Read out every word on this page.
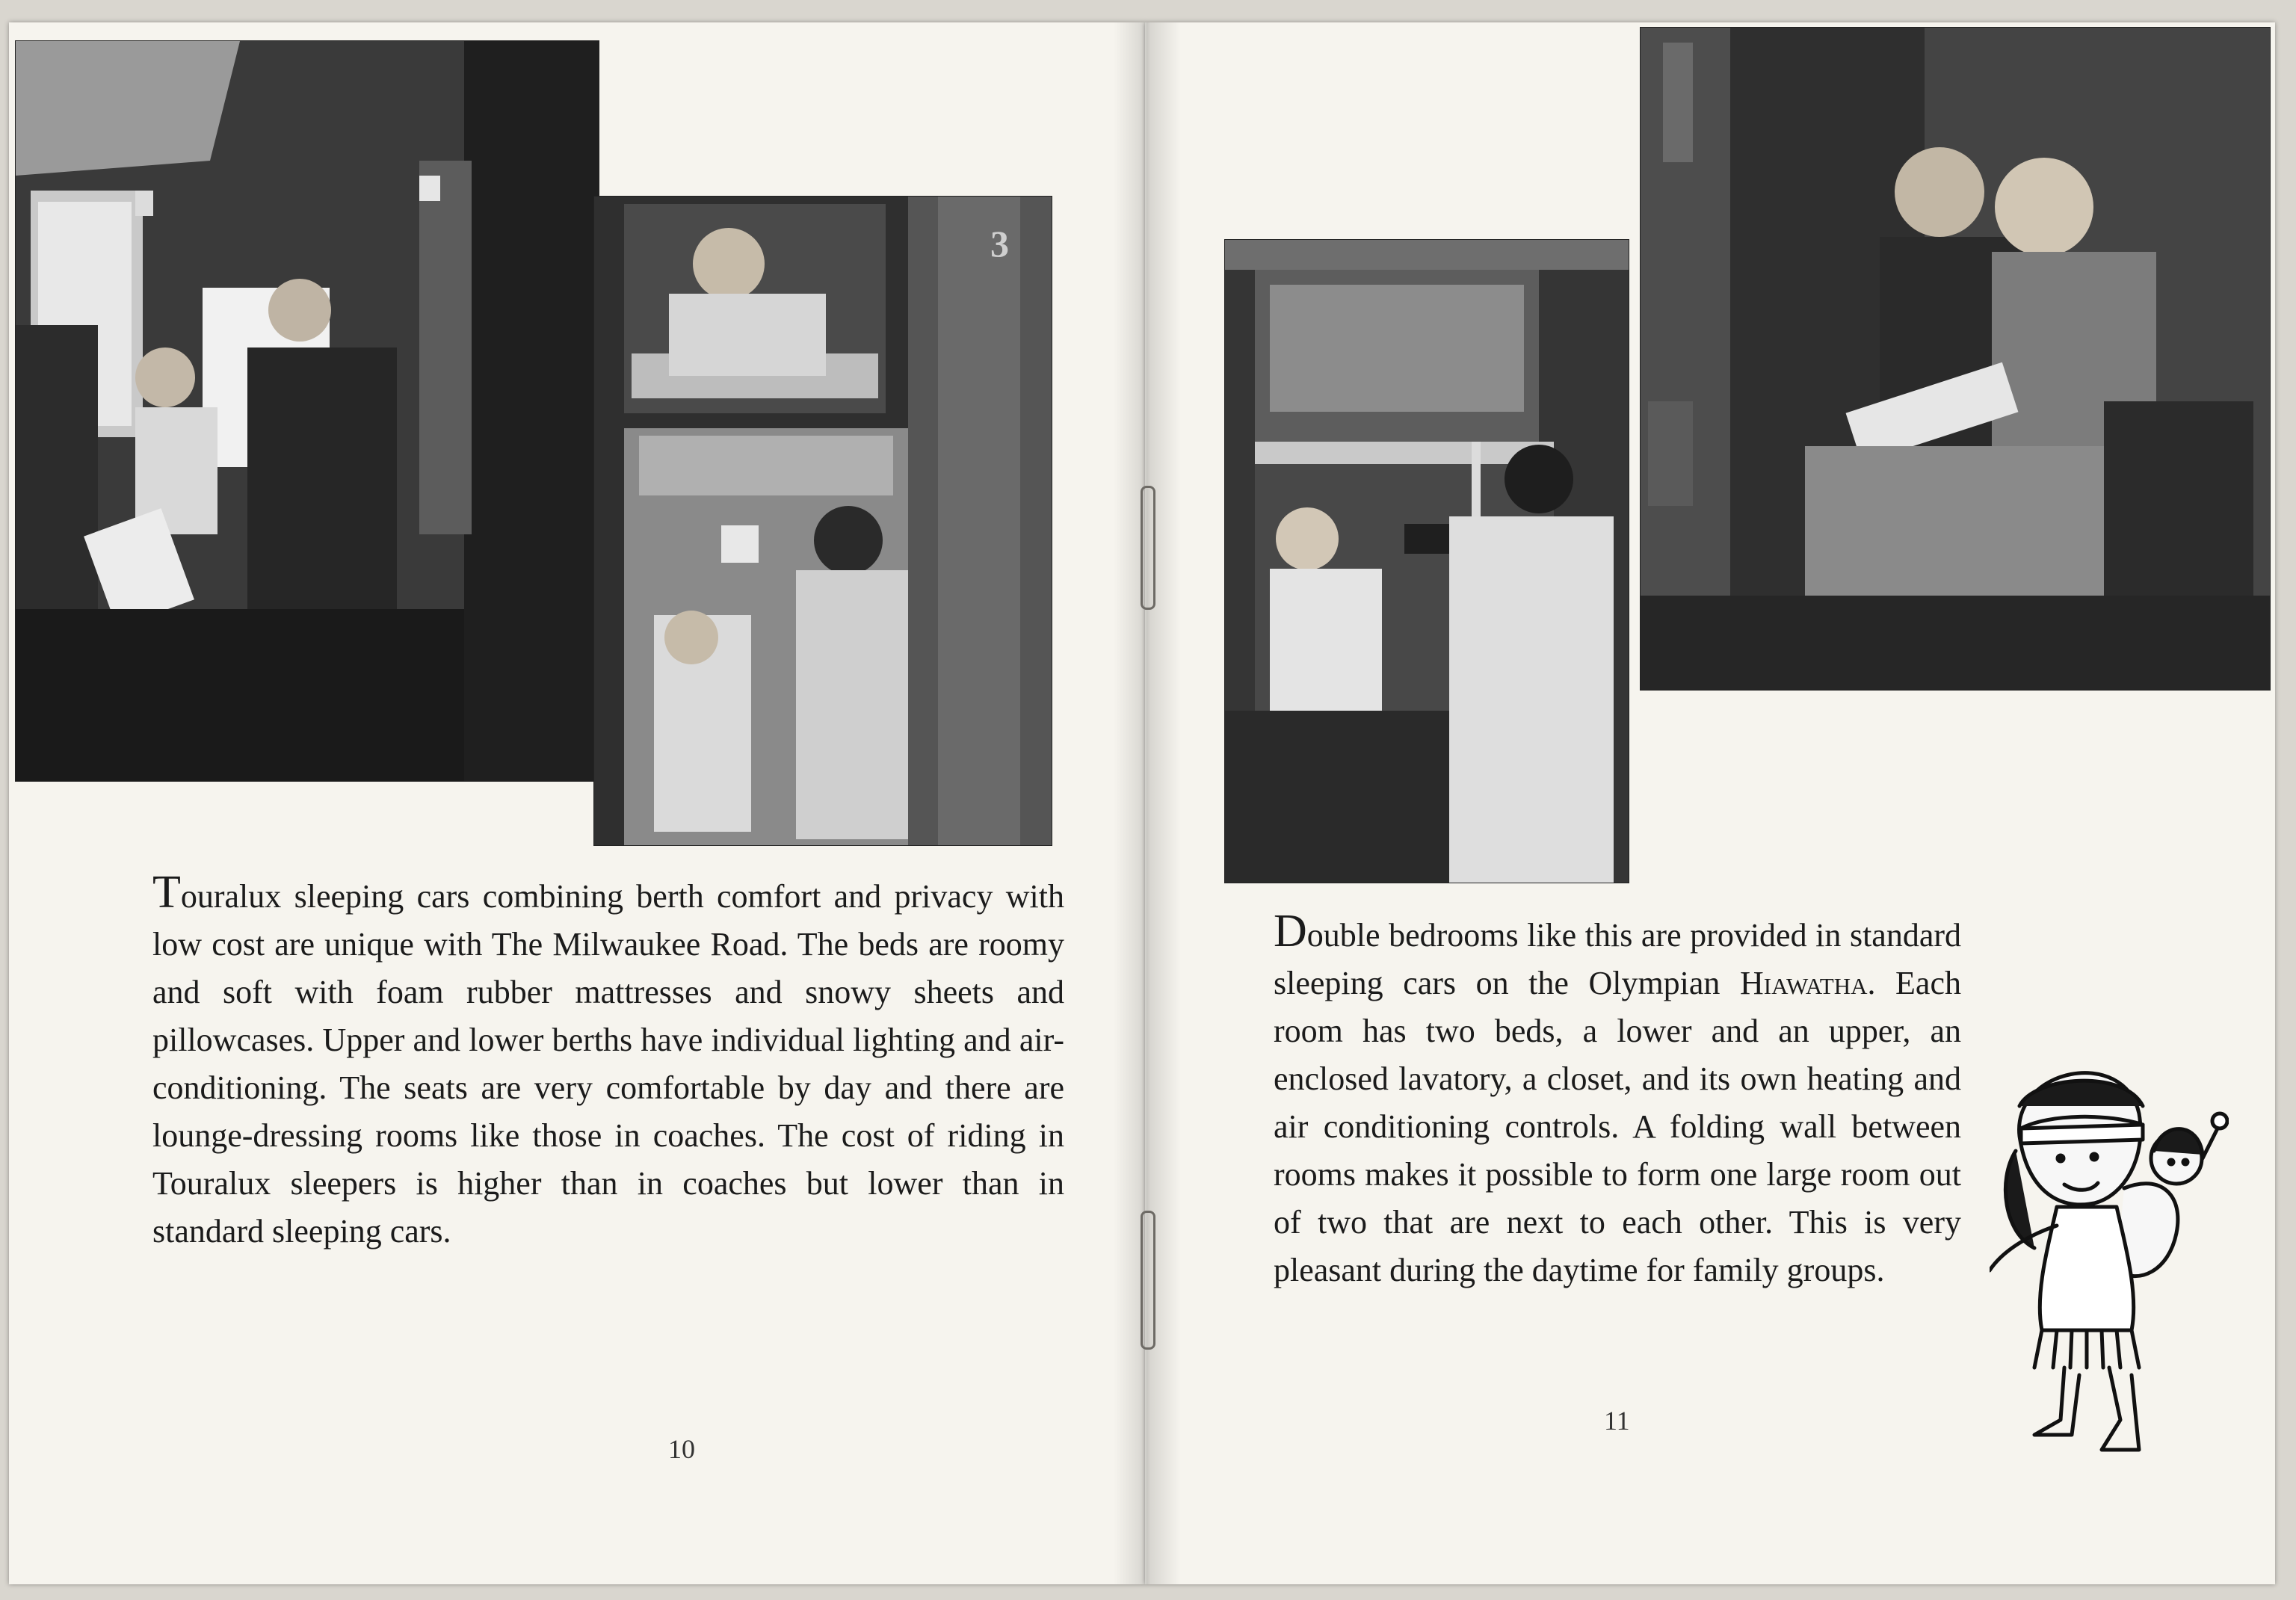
3

Touralux sleeping cars combining berth comfort and privacy with low cost are unique with The Milwaukee Road. The beds are roomy and soft with foam rubber mattresses and snowy sheets and pillowcases. Upper and lower berths have individual lighting and air-conditioning. The seats are very comfortable by day and there are lounge-dressing rooms like those in coaches. The cost of riding in Touralux sleepers is higher than in coaches but lower than in standard sleeping cars.

10

Double bedrooms like this are provided in standard sleeping cars on the Olympian Hiawatha. Each room has two beds, a lower and an upper, an enclosed lavatory, a closet, and its own heating and air conditioning controls. A folding wall between rooms makes it possible to form one large room out of two that are next to each other. This is very pleasant during the daytime for family groups.

11
